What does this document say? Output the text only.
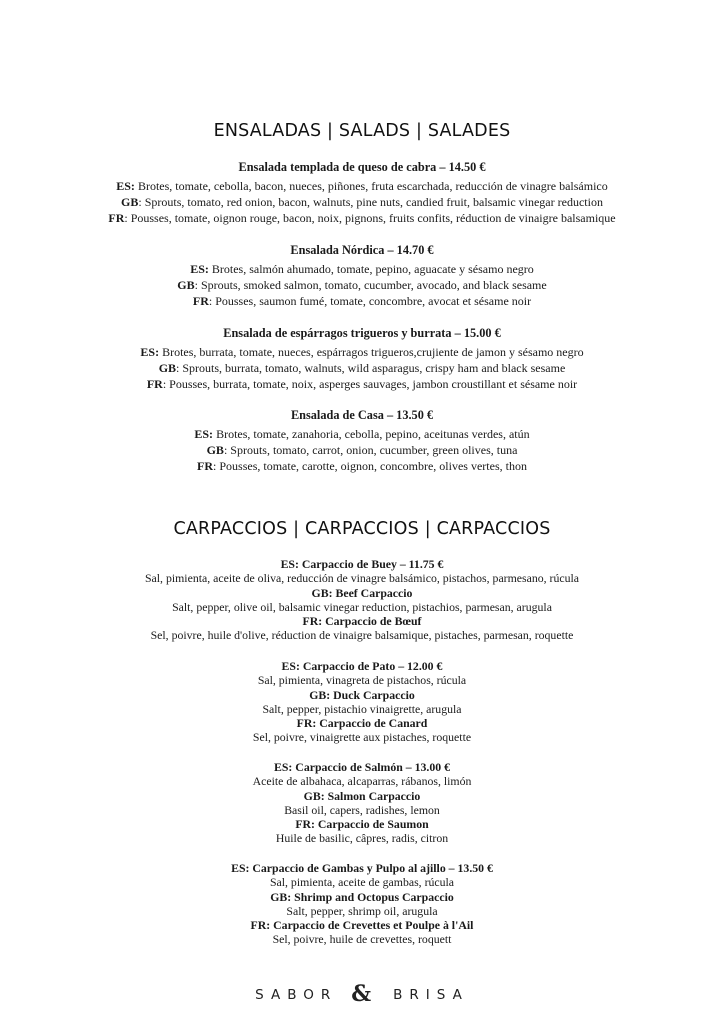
ENSALADAS | SALADS | SALADES
Ensalada templada de queso de cabra – 14.50 €
ES: Brotes, tomate, cebolla, bacon, nueces, piñones, fruta escarchada, reducción de vinagre balsámico
GB: Sprouts, tomato, red onion, bacon, walnuts, pine nuts, candied fruit, balsamic vinegar reduction
FR: Pousses, tomate, oignon rouge, bacon, noix, pignons, fruits confits, réduction de vinaigre balsamique
Ensalada Nórdica – 14.70 €
ES: Brotes, salmón ahumado, tomate, pepino, aguacate y sésamo negro
GB: Sprouts, smoked salmon, tomato, cucumber, avocado, and black sesame
FR: Pousses, saumon fumé, tomate, concombre, avocat et sésame noir
Ensalada de espárragos trigueros y burrata – 15.00 €
ES: Brotes, burrata, tomate, nueces, espárragos trigueros,crujiente de jamon y sésamo negro
GB: Sprouts, burrata, tomato, walnuts, wild asparagus, crispy ham and black sesame
FR: Pousses, burrata, tomate, noix, asperges sauvages, jambon croustillant et sésame noir
Ensalada de Casa – 13.50 €
ES: Brotes, tomate, zanahoria, cebolla, pepino, aceitunas verdes, atún
GB: Sprouts, tomato, carrot, onion, cucumber, green olives, tuna
FR: Pousses, tomate, carotte, oignon, concombre, olives vertes, thon
CARPACCIOS | CARPACCIOS | CARPACCIOS
ES: Carpaccio de Buey – 11.75 €
Sal, pimienta, aceite de oliva, reducción de vinagre balsámico, pistachos, parmesano, rúcula
GB: Beef Carpaccio
Salt, pepper, olive oil, balsamic vinegar reduction, pistachios, parmesan, arugula
FR: Carpaccio de Bœuf
Sel, poivre, huile d'olive, réduction de vinaigre balsamique, pistaches, parmesan, roquette
ES: Carpaccio de Pato – 12.00 €
Sal, pimienta, vinagreta de pistachos, rúcula
GB: Duck Carpaccio
Salt, pepper, pistachio vinaigrette, arugula
FR: Carpaccio de Canard
Sel, poivre, vinaigrette aux pistaches, roquette
ES: Carpaccio de Salmón – 13.00 €
Aceite de albahaca, alcaparras, rábanos, limón
GB: Salmon Carpaccio
Basil oil, capers, radishes, lemon
FR: Carpaccio de Saumon
Huile de basilic, câpres, radis, citron
ES: Carpaccio de Gambas y Pulpo al ajillo – 13.50 €
Sal, pimienta, aceite de gambas, rúcula
GB: Shrimp and Octopus Carpaccio
Salt, pepper, shrimp oil, arugula
FR: Carpaccio de Crevettes et Poulpe à l'Ail
Sel, poivre, huile de crevettes, roquett
SABOR & BRISA
